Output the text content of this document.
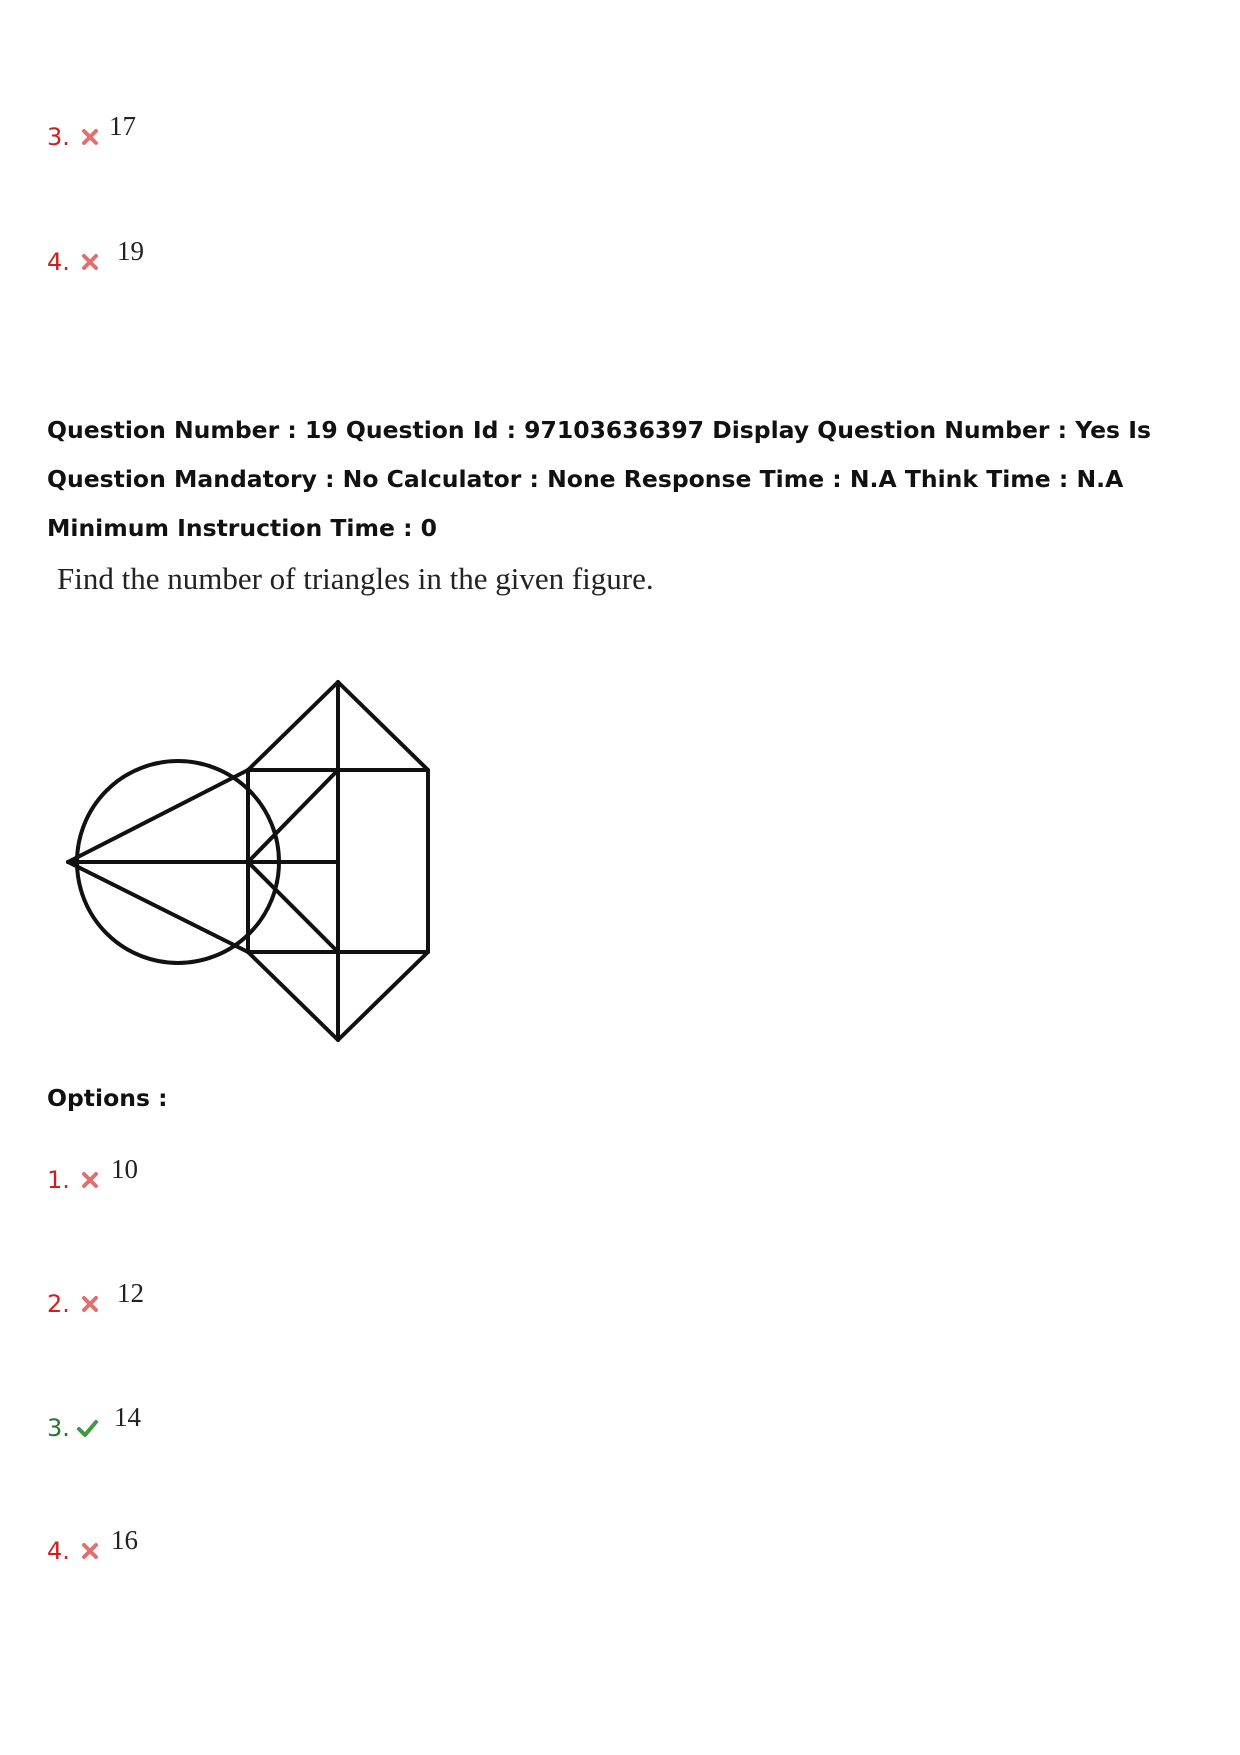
3. 17
4. 19
Question Number : 19 Question Id : 97103636397 Display Question Number : Yes Is Question Mandatory : No Calculator : None Response Time : N.A Think Time : N.A Minimum Instruction Time : 0
Find the number of triangles in the given figure.
Options :
1. 10
2. 12
3. 14
4. 16
